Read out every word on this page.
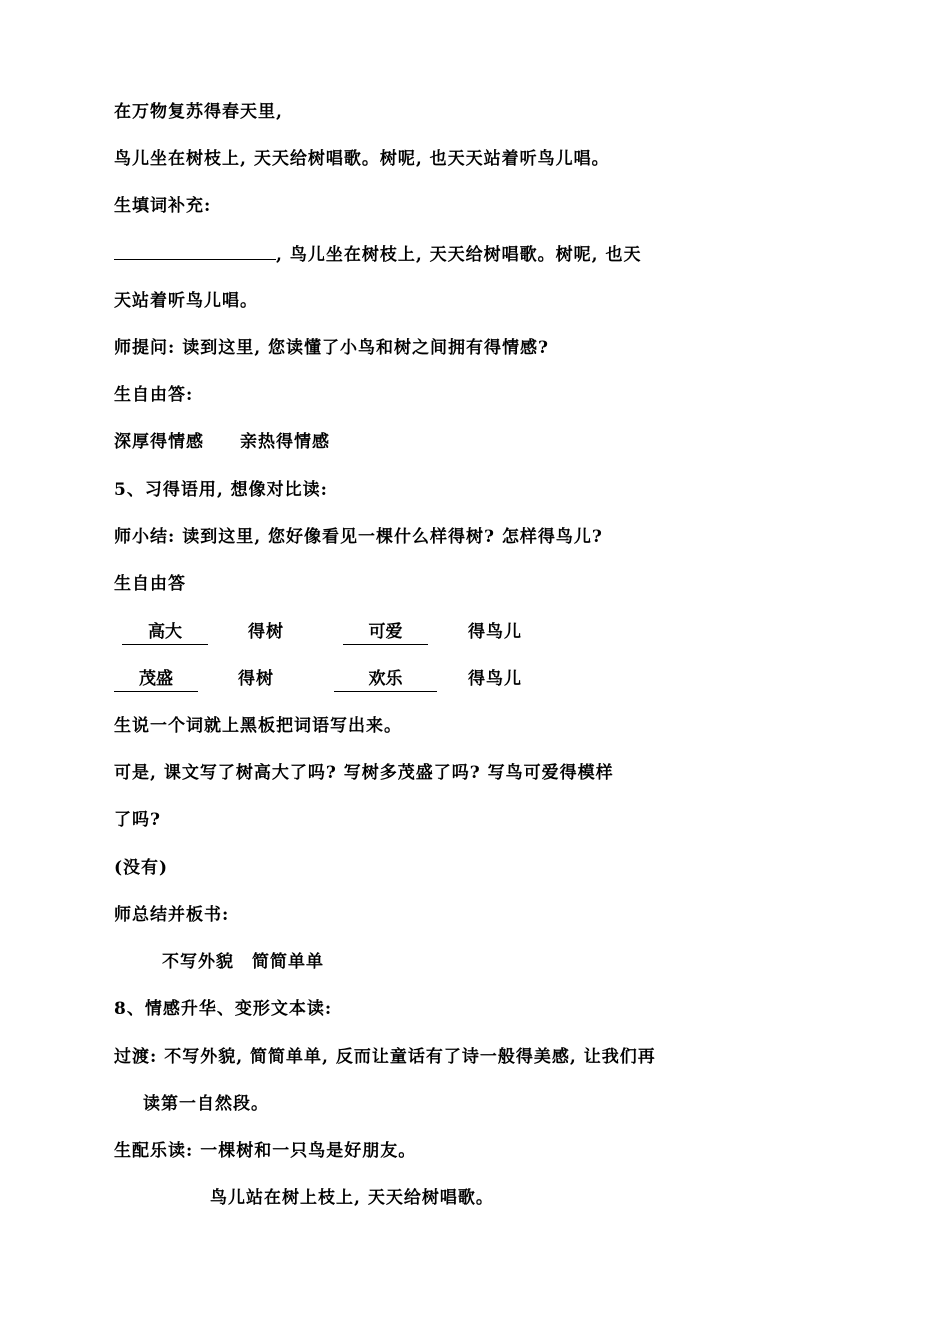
在万物复苏得春天里,
鸟儿坐在树枝上, 天天给树唱歌。树呢, 也天天站着听鸟儿唱。
生填词补充:
, 鸟儿坐在树枝上, 天天给树唱歌。树呢, 也天
天站着听鸟儿唱。
师提问: 读到这里, 您读懂了小鸟和树之间拥有得情感?
生自由答:
深厚得情感　　亲热得情感
5、习得语用, 想像对比读:
师小结: 读到这里, 您好像看见一棵什么样得树? 怎样得鸟儿?
生自由答
高大	得树	可爱	得鸟儿
茂盛	得树	欢乐	得鸟儿
生说一个词就上黑板把词语写出来。
可是, 课文写了树高大了吗? 写树多茂盛了吗? 写鸟可爱得模样
了吗?
(没有)
师总结并板书:
不写外貌　简简单单
8、情感升华、变形文本读:
过渡: 不写外貌, 简简单单, 反而让童话有了诗一般得美感, 让我们再
读第一自然段。
生配乐读: 一棵树和一只鸟是好朋友。
鸟儿站在树上枝上, 天天给树唱歌。
